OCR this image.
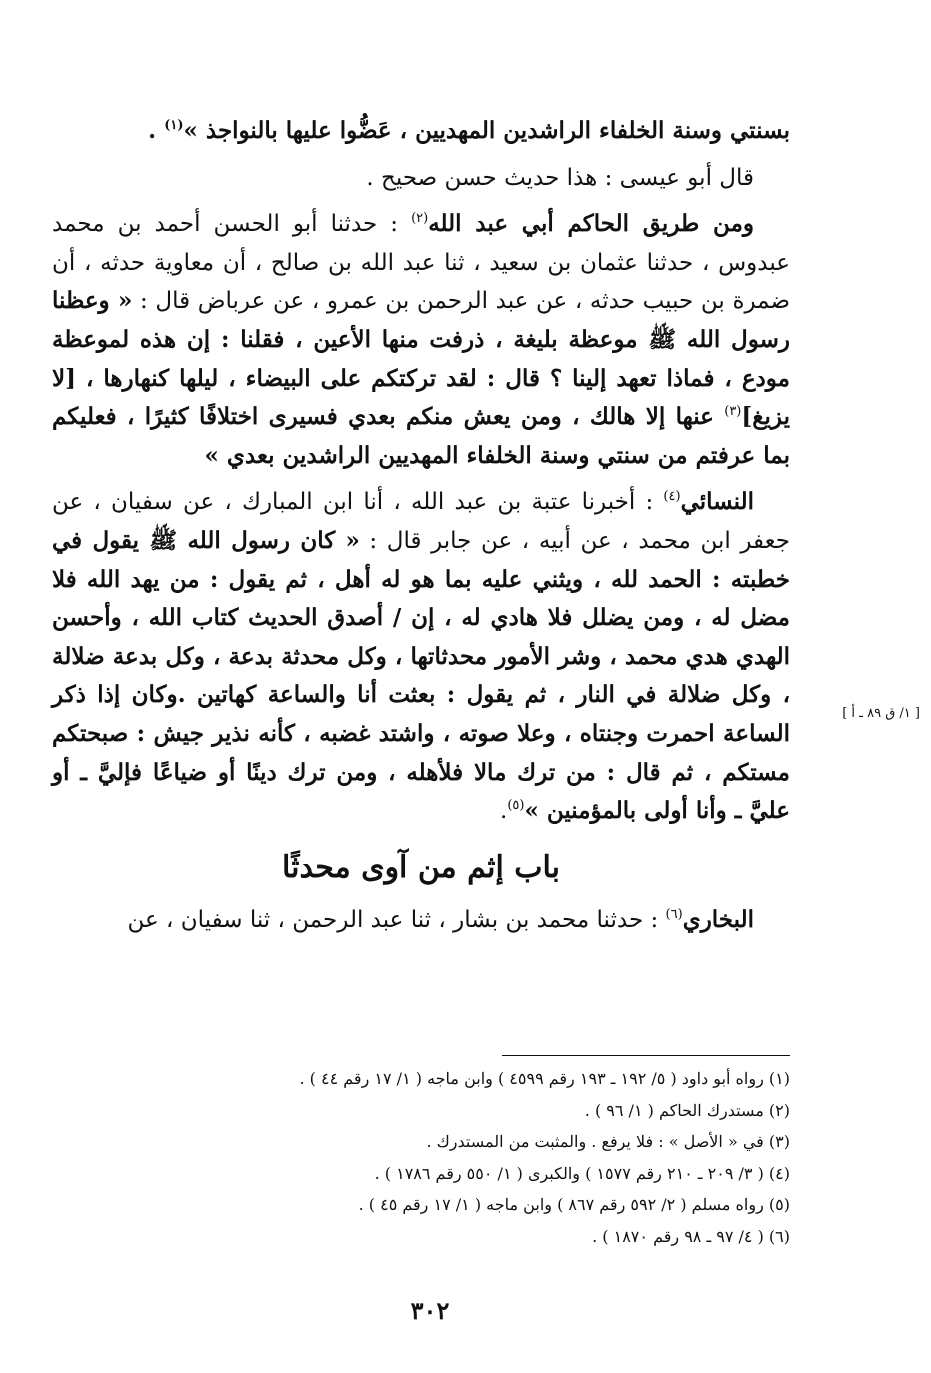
بسنتي وسنة الخلفاء الراشدين المهديين ، عَضُّوا عليها بالنواجذ »$^{(١)}$ .

قال أبو عيسى : هذا حديث حسن صحيح .

ومن طريق الحاكم أبي عبد الله$^{(٢)}$ : حدثنا أبو الحسن أحمد بن محمد عبدوس ، حدثنا عثمان بن سعيد ، ثنا عبد الله بن صالح ، أن معاوية حدثه ، أن ضمرة بن حبيب حدثه ، عن عبد الرحمن بن عمرو ، عن عرباض قال : « وعظنا رسول الله ﷺ موعظة بليغة ، ذرفت منها الأعين ، فقلنا : إن هذه لموعظة مودع ، فماذا تعهد إلينا ؟ قال : لقد تركتكم على البيضاء ، ليلها كنهارها ، [لا يزيغ]$^{(٣)}$ عنها إلا هالك ، ومن يعش منكم بعدي فسيرى اختلافًا كثيرًا ، فعليكم بما عرفتم من سنتي وسنة الخلفاء المهديين الراشدين بعدي »

النسائي$^{(٤)}$ : أخبرنا عتبة بن عبد الله ، أنا ابن المبارك ، عن سفيان ، عن جعفر ابن محمد ، عن أبيه ، عن جابر قال : « كان رسول الله ﷺ يقول في خطبته : الحمد لله ، ويثني عليه بما هو له أهل ، ثم يقول : من يهد الله فلا مضل له ، ومن يضلل فلا هادي له ، إن / أصدق الحديث كتاب الله ، وأحسن الهدي هدي محمد ، وشر الأمور محدثاتها ، وكل محدثة بدعة ، وكل بدعة ضلالة ، وكل ضلالة في النار ، ثم يقول : بعثت أنا والساعة كهاتين .وكان إذا ذكر الساعة احمرت وجنتاه ، وعلا صوته ، واشتد غضبه ، كأنه نذير جيش : صبحتكم مستكم ، ثم قال : من ترك مالا فلأهله ، ومن ترك دينًا أو ضياعًا فإليَّ ـ أو عليَّ ـ وأنا أولى بالمؤمنين »$^{(٥)}$.

باب إثم من آوى محدثًا

البخاري$^{(٦)}$ : حدثنا محمد بن بشار ، ثنا عبد الرحمن ، ثنا سفيان ، عن

[ ١/ ق ٨٩ ـ أ ]

(١) رواه أبو داود ( ٥/ ١٩٢ ـ ١٩٣ رقم ٤٥٩٩ ) وابن ماجه ( ١/ ١٧ رقم ٤٤ ) .

(٢) مستدرك الحاكم ( ١/ ٩٦ ) .

(٣) في « الأصل » : فلا يرفع . والمثبت من المستدرك .

(٤) ( ٣/ ٢٠٩ ـ ٢١٠ رقم ١٥٧٧ ) والكبرى ( ١/ ٥٥٠ رقم ١٧٨٦ ) .

(٥) رواه مسلم ( ٢/ ٥٩٢ رقم ٨٦٧ ) وابن ماجه ( ١/ ١٧ رقم ٤٥ ) .

(٦) ( ٤/ ٩٧ ـ ٩٨ رقم ١٨٧٠ ) .

٣٠٢
